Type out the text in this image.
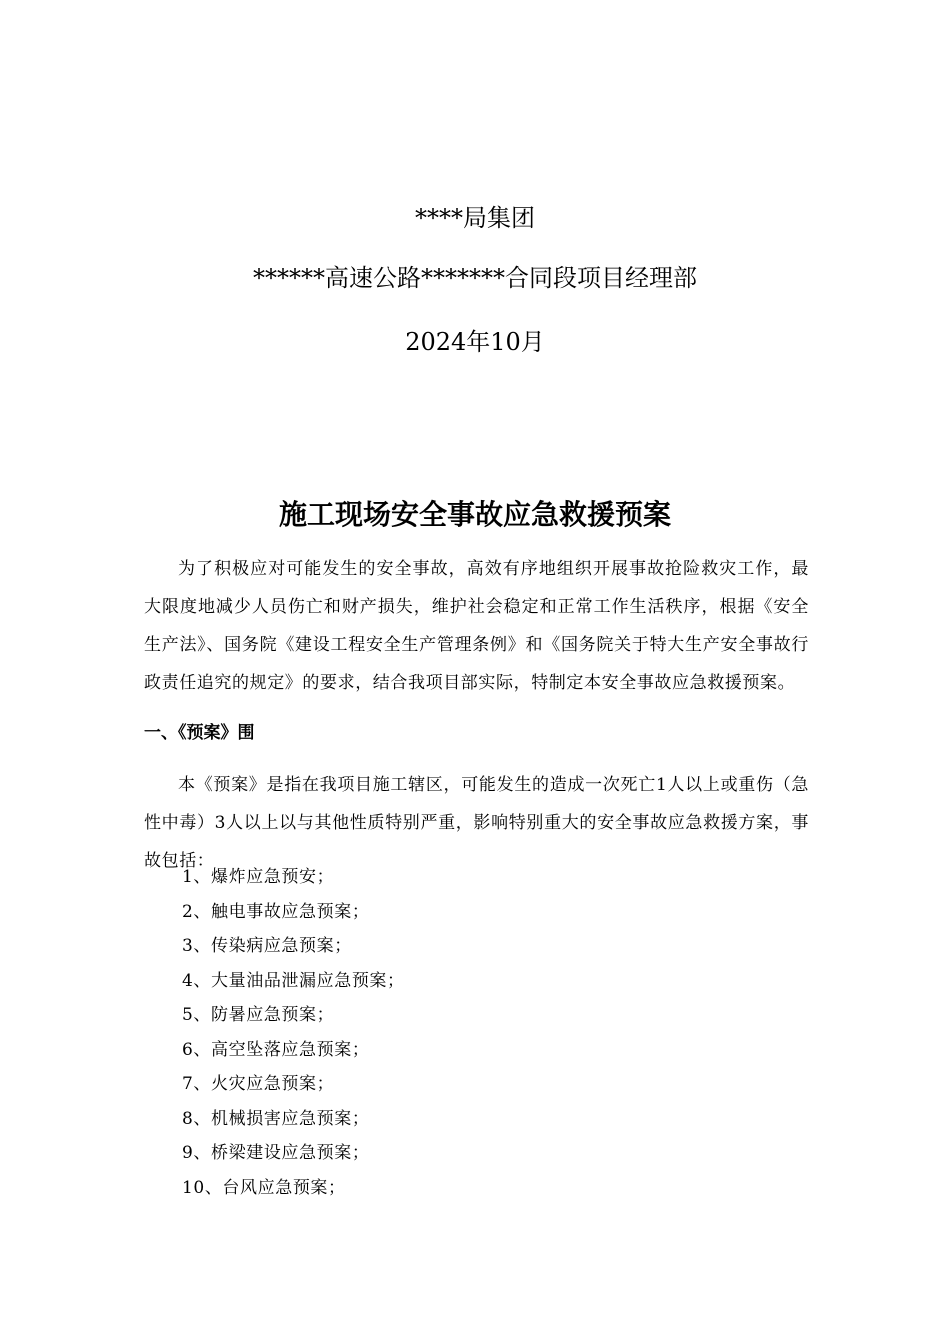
****局集团
******高速公路*******合同段项目经理部
2024年10月
施工现场安全事故应急救援预案

为了积极应对可能发生的安全事故，高效有序地组织开展事故抢险救灾工作，最大限度地减少人员伤亡和财产损失，维护社会稳定和正常工作生活秩序，根据《安全生产法》、国务院《建设工程安全生产管理条例》和《国务院关于特大生产安全事故行政责任追究的规定》的要求，结合我项目部实际，特制定本安全事故应急救援预案。

一、《预案》围

本《预案》是指在我项目施工辖区，可能发生的造成一次死亡1人以上或重伤（急性中毒）3人以上以与其他性质特别严重，影响特别重大的安全事故应急救援方案，事故包括：

1、爆炸应急预安；
2、触电事故应急预案；
3、传染病应急预案；
4、大量油品泄漏应急预案；
5、防暑应急预案；
6、高空坠落应急预案；
7、火灾应急预案；
8、机械损害应急预案；
9、桥梁建设应急预案；
10、台风应急预案；
